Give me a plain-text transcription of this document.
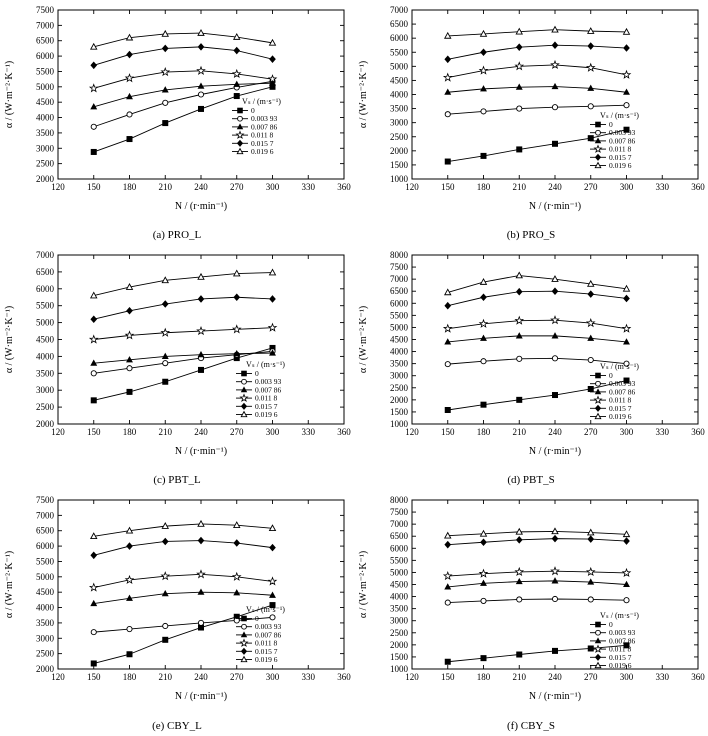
120 150 180 210 240 270 300 330 360
2000
2500
3000
3500
4000
4500
5000
5500
6000
6500
7000
7500
N / (r·min⁻¹)
α / (W·m⁻²·K⁻¹)	Vₛ / (m·s⁻¹)
0
0.003 93
0.007 86
0.011 8
0.015 7
0.019 6
(a) PRO_L
120 150 180 210 240 270 300 330 360
1000
1500
2000
2500
3000
3500
4000
4500
5000
5500
6000
6500
7000
N / (r·min⁻¹)
α / (W·m⁻²·K⁻¹)	Vₛ / (m·s⁻¹)
0
0.003 93
0.007 86
0.011 8
0.015 7
0.019 6
(b) PRO_S
120 150 180 210 240 270 300 330 360
2000
2500
3000
3500
4000
4500
5000
5500
6000
6500
7000
N / (r·min⁻¹)
α / (W·m⁻²·K⁻¹)	Vₛ / (m·s⁻¹)
0
0.003 93
0.007 86
0.011 8
0.015 7
0.019 6
(c) PBT_L
120 150 180 210 240 270 300 330 360
1000
1500
2000
2500
3000
3500
4000
4500
5000
5500
6000
6500
7000
7500
8000
N / (r·min⁻¹)
α / (W·m⁻²·K⁻¹)	Vₛ / (m·s⁻¹)
0
0.003 93
0.007 86
0.011 8
0.015 7
0.019 6
(d) PBT_S
120 150 180 210 240 270 300 330 360
2000
2500
3000
3500
4000
4500
5000
5500
6000
6500
7000
7500
N / (r·min⁻¹)
α / (W·m⁻²·K⁻¹)	Vₛ / (m·s⁻¹)
0
0.003 93
0.007 86
0.011 8
0.015 7
0.019 6
(e) CBY_L
120 150 180 210 240 270 300 330 360
1000
1500
2000
2500
3000
3500
4000
4500
5000
5500
6000
6500
7000
7500
8000
N / (r·min⁻¹)
α / (W·m⁻²·K⁻¹)	Vₛ / (m·s⁻¹)
0
0.003 93
0.007 86
0.011 8
0.015 7
0.019 6
(f) CBY_S
